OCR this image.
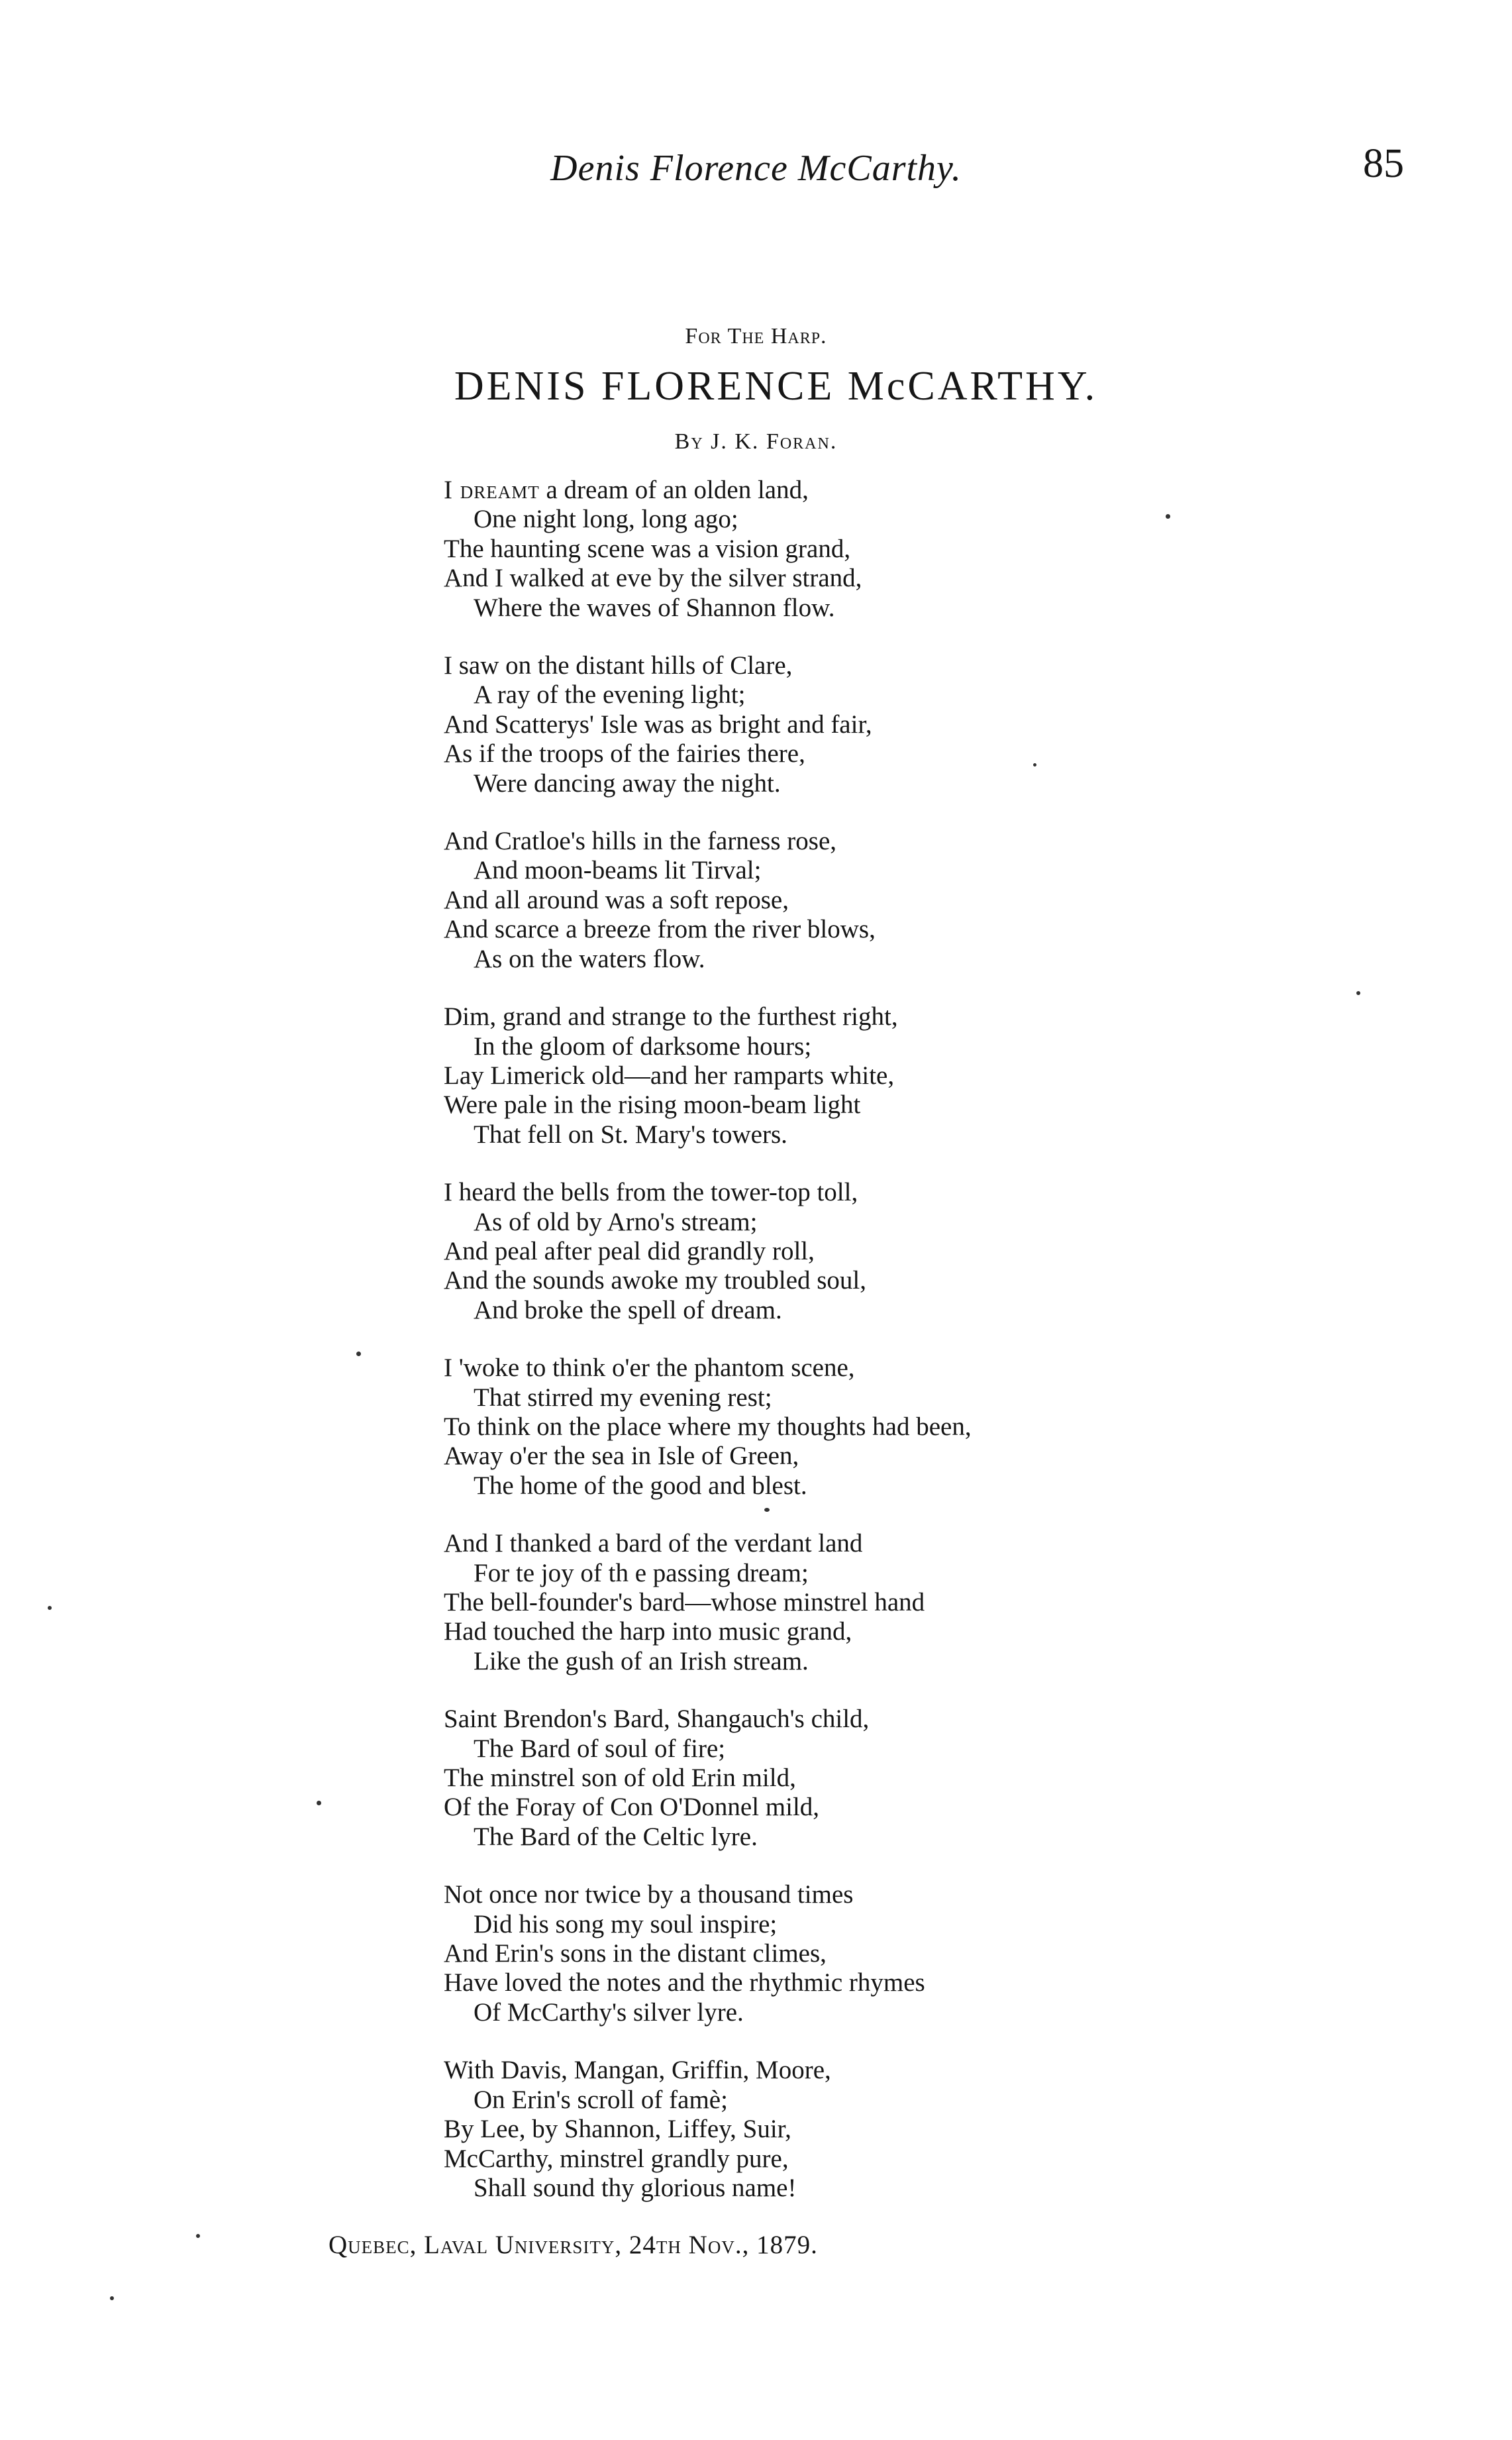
Denis Florence McCarthy.	85
For The Harp.
DENIS FLORENCE McCARTHY.
By J. K. Foran.
I dreamt a dream of an olden land,
One night long, long ago;
The haunting scene was a vision grand,
And I walked at eve by the silver strand,
Where the waves of Shannon flow.
I saw on the distant hills of Clare,
A ray of the evening light;
And Scatterys' Isle was as bright and fair,
As if the troops of the fairies there,
Were dancing away the night.
And Cratloe's hills in the farness rose,
And moon-beams lit Tirval;
And all around was a soft repose,
And scarce a breeze from the river blows,
As on the waters flow.
Dim, grand and strange to the furthest right,
In the gloom of darksome hours;
Lay Limerick old—and her ramparts white,
Were pale in the rising moon-beam light
That fell on St. Mary's towers.
I heard the bells from the tower-top toll,
As of old by Arno's stream;
And peal after peal did grandly roll,
And the sounds awoke my troubled soul,
And broke the spell of dream.
I 'woke to think o'er the phantom scene,
That stirred my evening rest;
To think on the place where my thoughts had been,
Away o'er the sea in Isle of Green,
The home of the good and blest.
And I thanked a bard of the verdant land
For te joy of th e passing dream;
The bell-founder's bard—whose minstrel hand
Had touched the harp into music grand,
Like the gush of an Irish stream.
Saint Brendon's Bard, Shangauch's child,
The Bard of soul of fire;
The minstrel son of old Erin mild,
Of the Foray of Con O'Donnel mild,
The Bard of the Celtic lyre.
Not once nor twice by a thousand times
Did his song my soul inspire;
And Erin's sons in the distant climes,
Have loved the notes and the rhythmic rhymes
Of McCarthy's silver lyre.
With Davis, Mangan, Griffin, Moore,
On Erin's scroll of famè;
By Lee, by Shannon, Liffey, Suir,
McCarthy, minstrel grandly pure,
Shall sound thy glorious name!
Quebec, Laval University, 24th Nov., 1879.
